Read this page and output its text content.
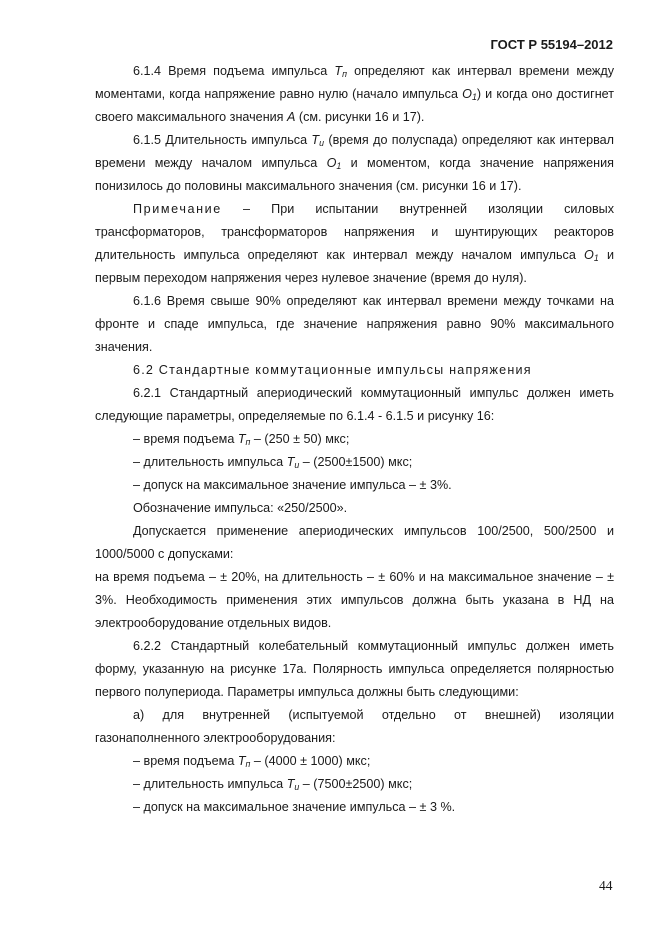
ГОСТ Р 55194–2012

6.1.4 Время подъема импульса $T_п$ определяют как интервал времени между моментами, когда напряжение равно нулю (начало импульса $O_1$) и когда оно достигнет своего максимального значения A (см. рисунки 16 и 17).

6.1.5 Длительность импульса $T_и$ (время до полуспада) определяют как интервал времени между началом импульса $O_1$ и моментом, когда значение напряжения понизилось до половины максимального значения (см. рисунки 16 и 17).

Примечание – При испытании внутренней изоляции силовых трансформаторов, трансформаторов напряжения и шунтирующих реакторов длительность импульса определяют как интервал между началом импульса $O_1$ и первым переходом напряжения через нулевое значение (время до нуля).

6.1.6 Время свыше 90% определяют как интервал времени между точками на фронте и спаде импульса, где значение напряжения равно 90% максимального значения.

6.2 Стандартные коммутационные импульсы напряжения

6.2.1 Стандартный апериодический коммутационный импульс должен иметь следующие параметры, определяемые по 6.1.4 - 6.1.5 и рисунку 16:

– время подъема $T_п - (250 \pm 50)$ мкс;

– длительность импульса $T_и - (2500\pm 1500)$ мкс;

– допуск на максимальное значение импульса – ± 3%.

Обозначение импульса: «250/2500».

Допускается применение апериодических импульсов 100/2500, 500/2500 и 1000/5000 с допусками:

на время подъема – ± 20%, на длительность – ± 60% и на максимальное значение – ± 3%. Необходимость применения этих импульсов должна быть указана в НД на электрооборудование отдельных видов.

6.2.2 Стандартный колебательный коммутационный импульс должен иметь форму, указанную на рисунке 17а. Полярность импульса определяется полярностью первого полупериода. Параметры импульса должны быть следующими:

а) для внутренней (испытуемой отдельно от внешней) изоляции газонаполненного электрооборудования:

– время подъема $T_п - (4000 \pm 1000)$ мкс;

– длительность импульса $T_и - (7500\pm 2500)$ мкс;

– допуск на максимальное значение импульса – ± 3 %.

44
